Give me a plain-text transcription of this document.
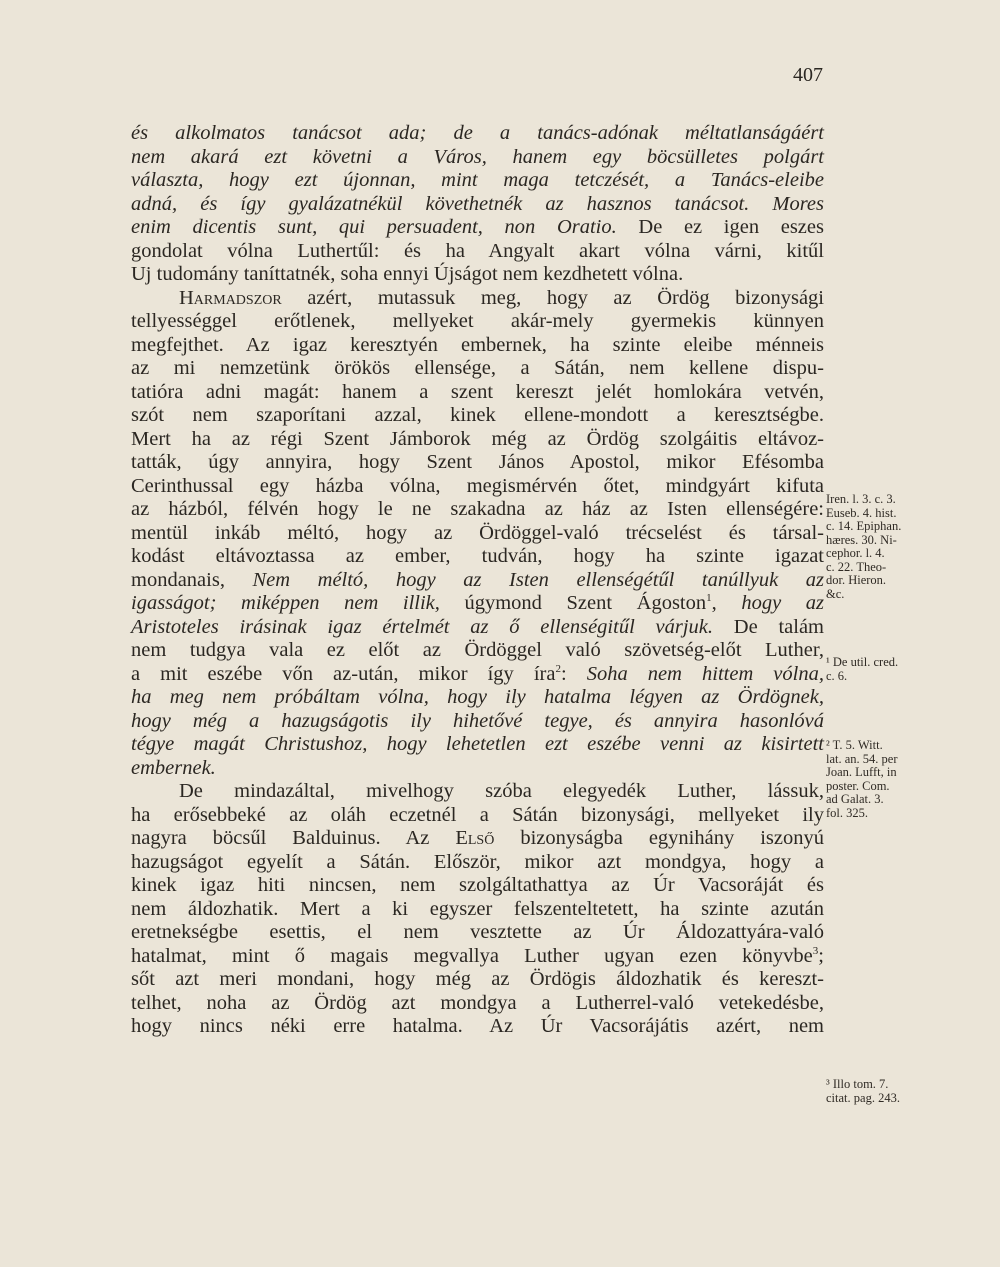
407
és alkolmatos tanácsot ada; de a tanács-adónak méltatlanságáért
nem akará ezt követni a Város, hanem egy böcsülletes polgárt
választa, hogy ezt újonnan, mint maga tetczését, a Tanács-eleibe
adná, és így gyalázatnékül követhetnék az hasznos tanácsot. Mores
enim dicentis sunt, qui persuadent, non Oratio. De ez igen eszes
gondolat vólna Luthertűl: és ha Angyalt akart vólna várni, kitűl
Uj tudomány taníttatnék, soha ennyi Újságot nem kezdhetett vólna.
Harmadszor azért, mutassuk meg, hogy az Ördög bizonysági
tellyességgel erőtlenek, mellyeket akár-mely gyermekis künnyen
megfejthet. Az igaz keresztyén embernek, ha szinte eleibe ménneis
az mi nemzetünk örökös ellensége, a Sátán, nem kellene dispu-
tatióra adni magát: hanem a szent kereszt jelét homlokára vetvén,
szót nem szaporítani azzal, kinek ellene-mondott a keresztségbe.
Mert ha az régi Szent Jámborok még az Ördög szolgáitis eltávoz-
tatták, úgy annyira, hogy Szent János Apostol, mikor Efésomba
Cerinthussal egy házba vólna, megismérvén őtet, mindgyárt kifuta
az házból, félvén hogy le ne szakadna az ház az Isten ellenségére:
mentül inkáb méltó, hogy az Ördöggel-való trécselést és társal-
kodást eltávoztassa az ember, tudván, hogy ha szinte igazat
mondanais, Nem méltó, hogy az Isten ellenségétűl tanúllyuk az
igasságot; miképpen nem illik, úgymond Szent Ágoston$^1$, hogy az
Aristoteles irásinak igaz értelmét az ő ellenségitűl várjuk. De talám
nem tudgya vala ez előt az Ördöggel való szövetség-előt Luther,
a mit eszébe vőn az-után, mikor így íra$^2$: Soha nem hittem vólna,
ha meg nem próbáltam vólna, hogy ily hatalma légyen az Ördögnek,
hogy még a hazugságotis ily hihetővé tegye, és annyira hasonlóvá
tégye magát Christushoz, hogy lehetetlen ezt eszébe venni az kisirtett
embernek.
De mindazáltal, mivelhogy szóba elegyedék Luther, lássuk,
ha erősebbeké az oláh eczetnél a Sátán bizonysági, mellyeket ily
nagyra böcsűl Balduinus. Az Első bizonyságba egynihány iszonyú
hazugságot egyelít a Sátán. Először, mikor azt mondgya, hogy a
kinek igaz hiti nincsen, nem szolgáltathattya az Úr Vacsoráját és
nem áldozhatik. Mert a ki egyszer felszenteltetett, ha szinte azután
eretnekségbe esettis, el nem vesztette az Úr Áldozattyára-való
hatalmat, mint ő magais megvallya Luther ugyan ezen könyvbe$^3$;
sőt azt meri mondani, hogy még az Ördögis áldozhatik és kereszt-
telhet, noha az Ördög azt mondgya a Lutherrel-való vetekedésbe,
hogy nincs néki erre hatalma. Az Úr Vacsorájátis azért, nem
Iren. l. 3. c. 3.
Euseb. 4. hist.
c. 14. Epiphan.
hæres. 30. Ni-
cephor. l. 4.
c. 22. Theo-
dor. Hieron.
&c.
¹ De util. cred.
c. 6.
² T. 5. Witt.
lat. an. 54. per
Joan. Lufft, in
poster. Com.
ad Galat. 3.
fol. 325.
³ Illo tom. 7.
citat. pag. 243.
